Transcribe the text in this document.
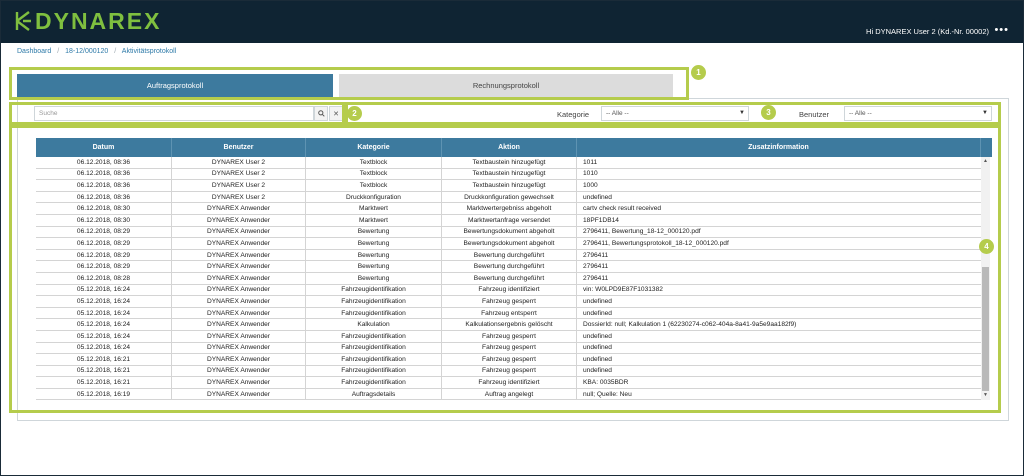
DYNAREX	Hi DYNAREX User 2 (Kd.-Nr. 00002) •••
Dashboard / 18-12/000120 / Aktivitätsprotokoll
Auftragsprotokoll	Rechnungsprotokoll
Suche	✕	Kategorie	-- Alle --	▼	Benutzer	-- Alle --	▼
Datum	Benutzer	Kategorie	Aktion	Zusatzinformation
06.12.2018, 08:36	DYNAREX User 2	Textblock	Textbaustein hinzugefügt	1011
06.12.2018, 08:36	DYNAREX User 2	Textblock	Textbaustein hinzugefügt	1010
06.12.2018, 08:36	DYNAREX User 2	Textblock	Textbaustein hinzugefügt	1000
06.12.2018, 08:36	DYNAREX User 2	Druckkonfiguration	Druckkonfiguration gewechselt	undefined
06.12.2018, 08:30	DYNAREX Anwender	Marktwert	Marktwertergebniss abgeholt	cartv check result received
06.12.2018, 08:30	DYNAREX Anwender	Marktwert	Marktwertanfrage versendet	18PF1DB14
06.12.2018, 08:29	DYNAREX Anwender	Bewertung	Bewertungsdokument abgeholt	2796411, Bewertung_18-12_000120.pdf
06.12.2018, 08:29	DYNAREX Anwender	Bewertung	Bewertungsdokument abgeholt	2796411, Bewertungsprotokoll_18-12_000120.pdf
06.12.2018, 08:29	DYNAREX Anwender	Bewertung	Bewertung durchgeführt	2796411
06.12.2018, 08:29	DYNAREX Anwender	Bewertung	Bewertung durchgeführt	2796411
06.12.2018, 08:28	DYNAREX Anwender	Bewertung	Bewertung durchgeführt	2796411
05.12.2018, 16:24	DYNAREX Anwender	Fahrzeugidentifikation	Fahrzeug identifiziert	vin: W0LPD9E87F1031382
05.12.2018, 16:24	DYNAREX Anwender	Fahrzeugidentifikation	Fahrzeug gesperrt	undefined
05.12.2018, 16:24	DYNAREX Anwender	Fahrzeugidentifikation	Fahrzeug entsperrt	undefined
05.12.2018, 16:24	DYNAREX Anwender	Kalkulation	Kalkulationsergebnis gelöscht	DossierId: null; Kalkulation 1 (62230274-c062-404a-8a41-9a5e9aa182f9)
05.12.2018, 16:24	DYNAREX Anwender	Fahrzeugidentifikation	Fahrzeug gesperrt	undefined
05.12.2018, 16:24	DYNAREX Anwender	Fahrzeugidentifikation	Fahrzeug gesperrt	undefined
05.12.2018, 16:21	DYNAREX Anwender	Fahrzeugidentifikation	Fahrzeug gesperrt	undefined
05.12.2018, 16:21	DYNAREX Anwender	Fahrzeugidentifikation	Fahrzeug gesperrt	undefined
05.12.2018, 16:21	DYNAREX Anwender	Fahrzeugidentifikation	Fahrzeug identifiziert	KBA: 0035BDR
05.12.2018, 16:19	DYNAREX Anwender	Auftragsdetails	Auftrag angelegt	null; Quelle: Neu
▲
▼
1
2	3
4
